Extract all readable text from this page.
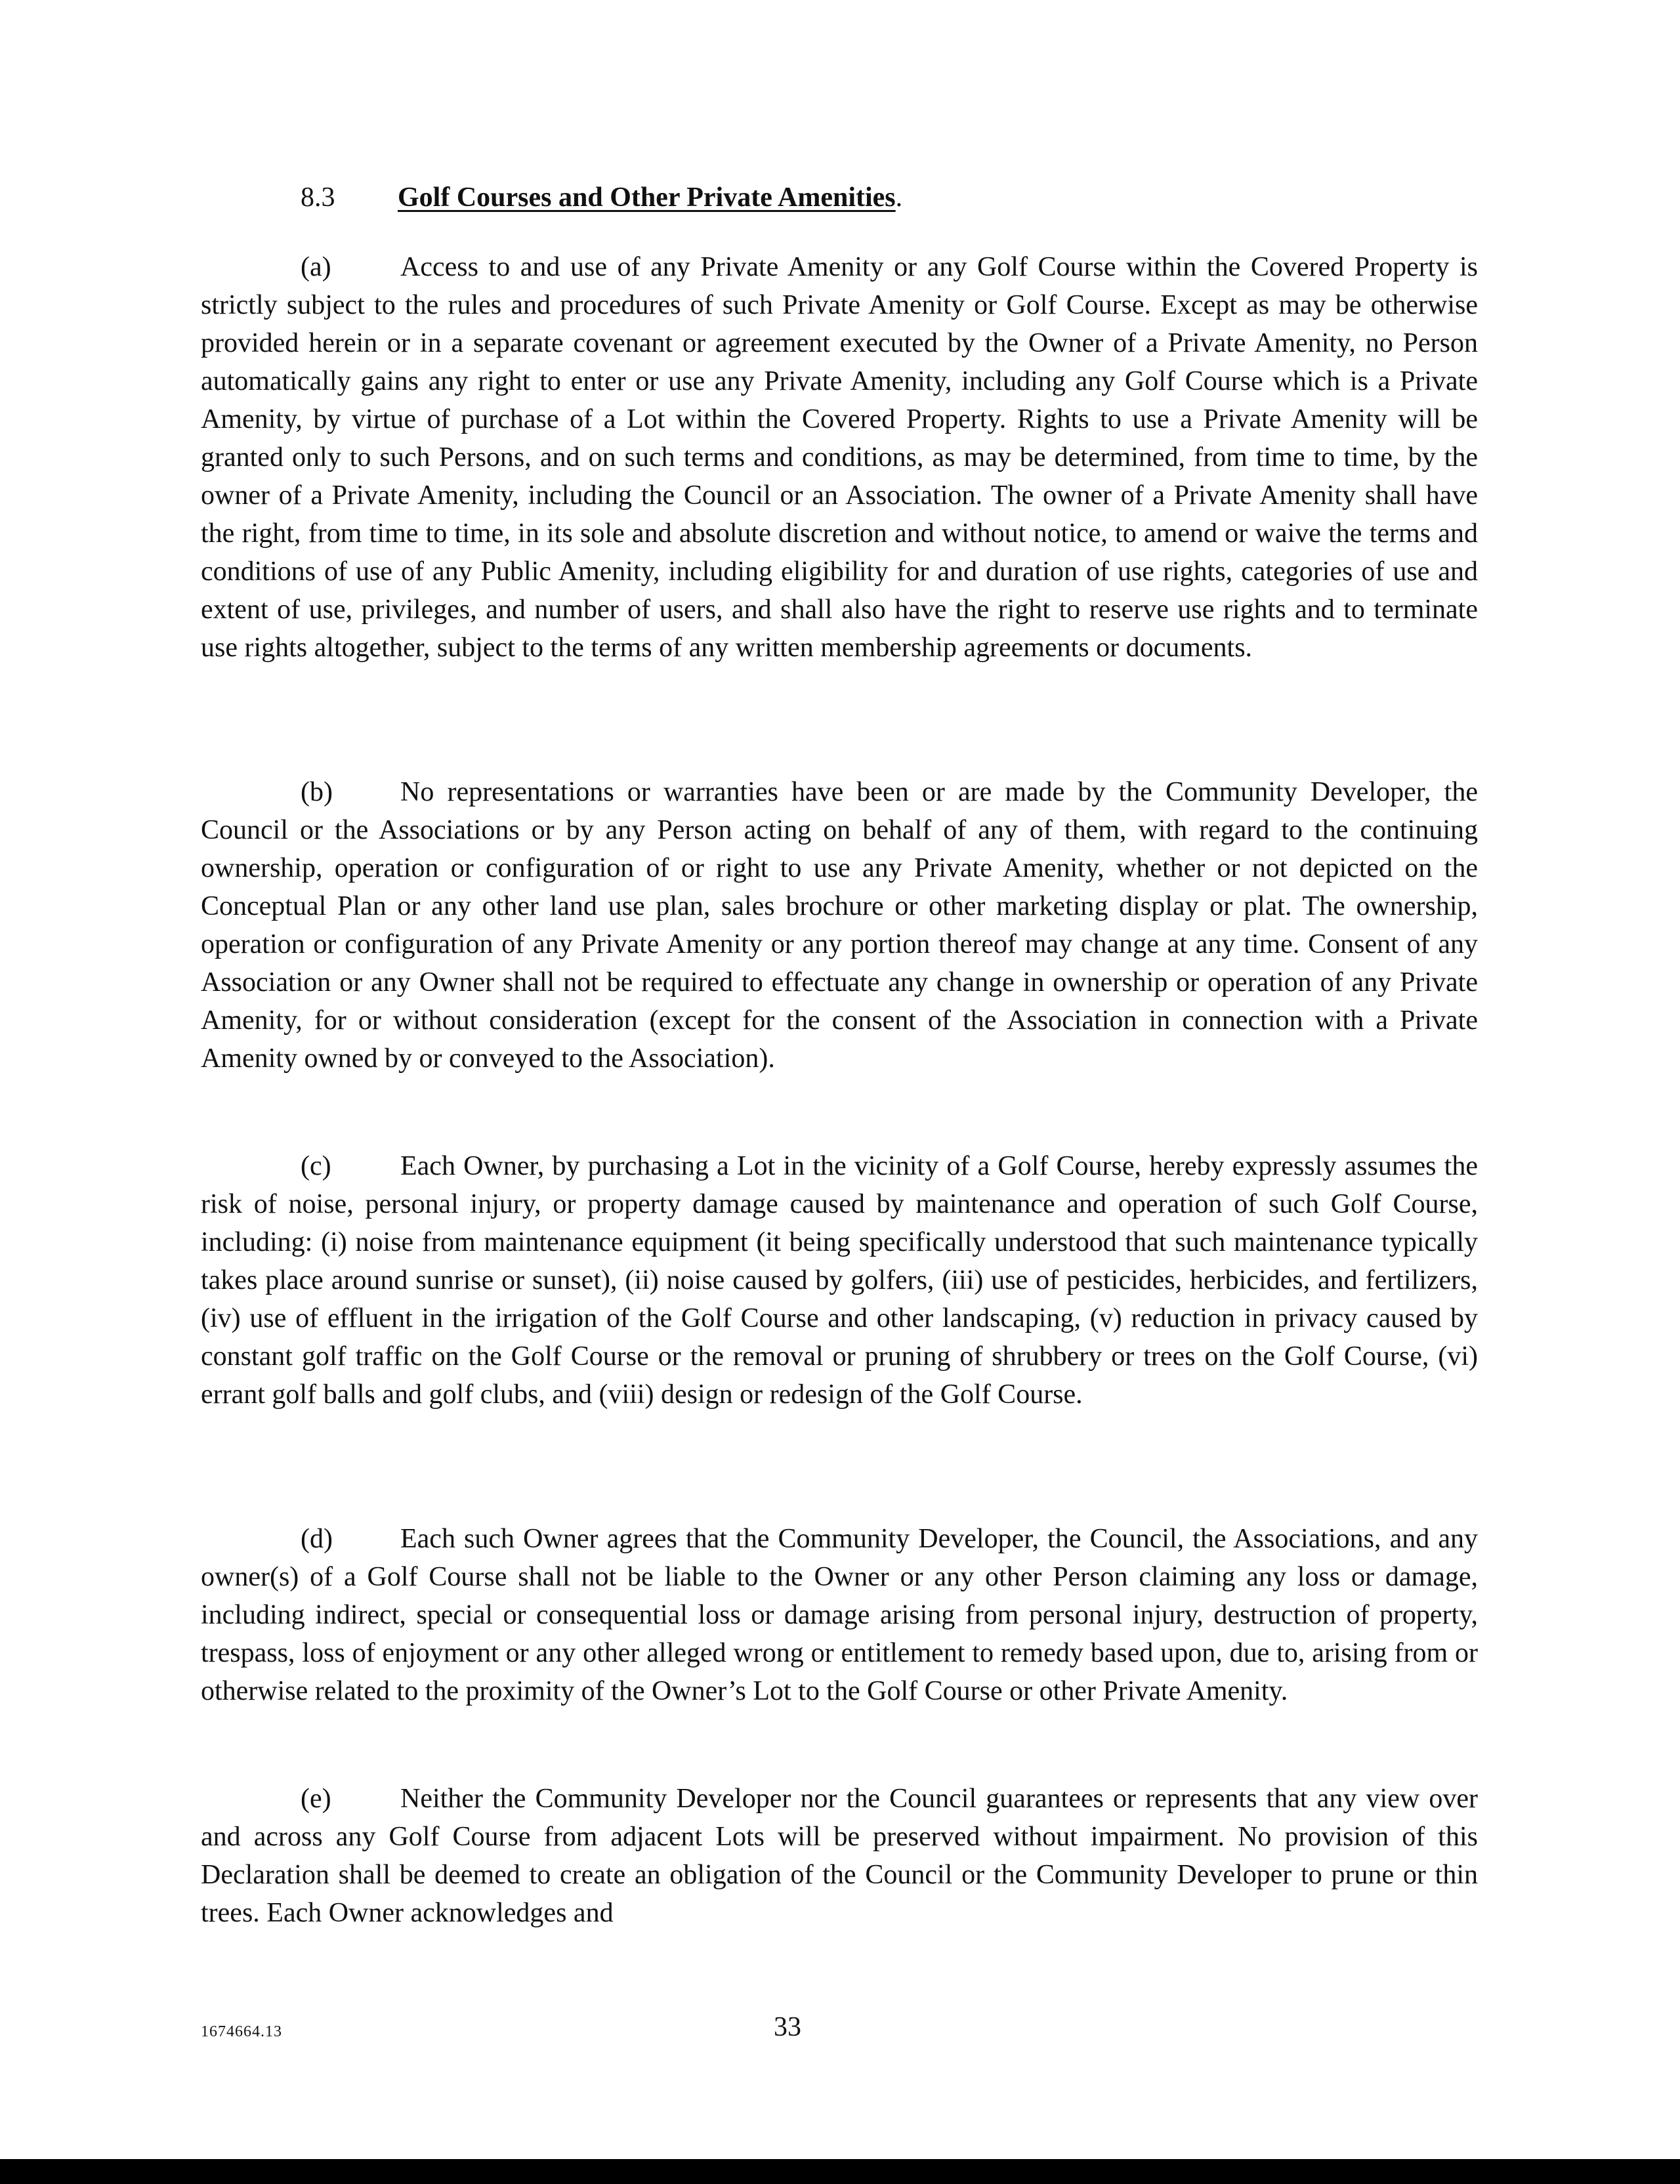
8.3 Golf Courses and Other Private Amenities.

(a)	Access to and use of any Private Amenity or any Golf Course within the Covered Property is strictly subject to the rules and procedures of such Private Amenity or Golf Course. Except as may be otherwise provided herein or in a separate covenant or agreement executed by the Owner of a Private Amenity, no Person automatically gains any right to enter or use any Private Amenity, including any Golf Course which is a Private Amenity, by virtue of purchase of a Lot within the Covered Property. Rights to use a Private Amenity will be granted only to such Persons, and on such terms and conditions, as may be determined, from time to time, by the owner of a Private Amenity, including the Council or an Association. The owner of a Private Amenity shall have the right, from time to time, in its sole and absolute discretion and without notice, to amend or waive the terms and conditions of use of any Public Amenity, including eligibility for and duration of use rights, categories of use and extent of use, privileges, and number of users, and shall also have the right to reserve use rights and to terminate use rights altogether, subject to the terms of any written membership agreements or documents.

(b) No representations or warranties have been or are made by the Community Developer, the Council or the Associations or by any Person acting on behalf of any of them, with regard to the continuing ownership, operation or configuration of or right to use any Private Amenity, whether or not depicted on the Conceptual Plan or any other land use plan, sales brochure or other marketing display or plat. The ownership, operation or configuration of any Private Amenity or any portion thereof may change at any time. Consent of any Association or any Owner shall not be required to effectuate any change in ownership or operation of any Private Amenity, for or without consideration (except for the consent of the Association in connection with a Private Amenity owned by or conveyed to the Association).

(c)	Each Owner, by purchasing a Lot in the vicinity of a Golf Course, hereby expressly assumes the risk of noise, personal injury, or property damage caused by maintenance and operation of such Golf Course, including: (i) noise from maintenance equipment (it being specifically understood that such maintenance typically takes place around sunrise or sunset), (ii) noise caused by golfers, (iii) use of pesticides, herbicides, and fertilizers, (iv) use of effluent in the irrigation of the Golf Course and other landscaping, (v) reduction in privacy caused by constant golf traffic on the Golf Course or the removal or pruning of shrubbery or trees on the Golf Course, (vi) errant golf balls and golf clubs, and (viii) design or redesign of the Golf Course.

(d) Each such Owner agrees that the Community Developer, the Council, the Associations, and any owner(s) of a Golf Course shall not be liable to the Owner or any other Person claiming any loss or damage, including indirect, special or consequential loss or damage arising from personal injury, destruction of property, trespass, loss of enjoyment or any other alleged wrong or entitlement to remedy based upon, due to, arising from or otherwise related to the proximity of the Owner’s Lot to the Golf Course or other Private Amenity.

(e)	Neither the Community Developer nor the Council guarantees or represents that any view over and across any Golf Course from adjacent Lots will be preserved without impairment. No provision of this Declaration shall be deemed to create an obligation of the Council or the Community Developer to prune or thin trees. Each Owner acknowledges and

1674664.13	33
